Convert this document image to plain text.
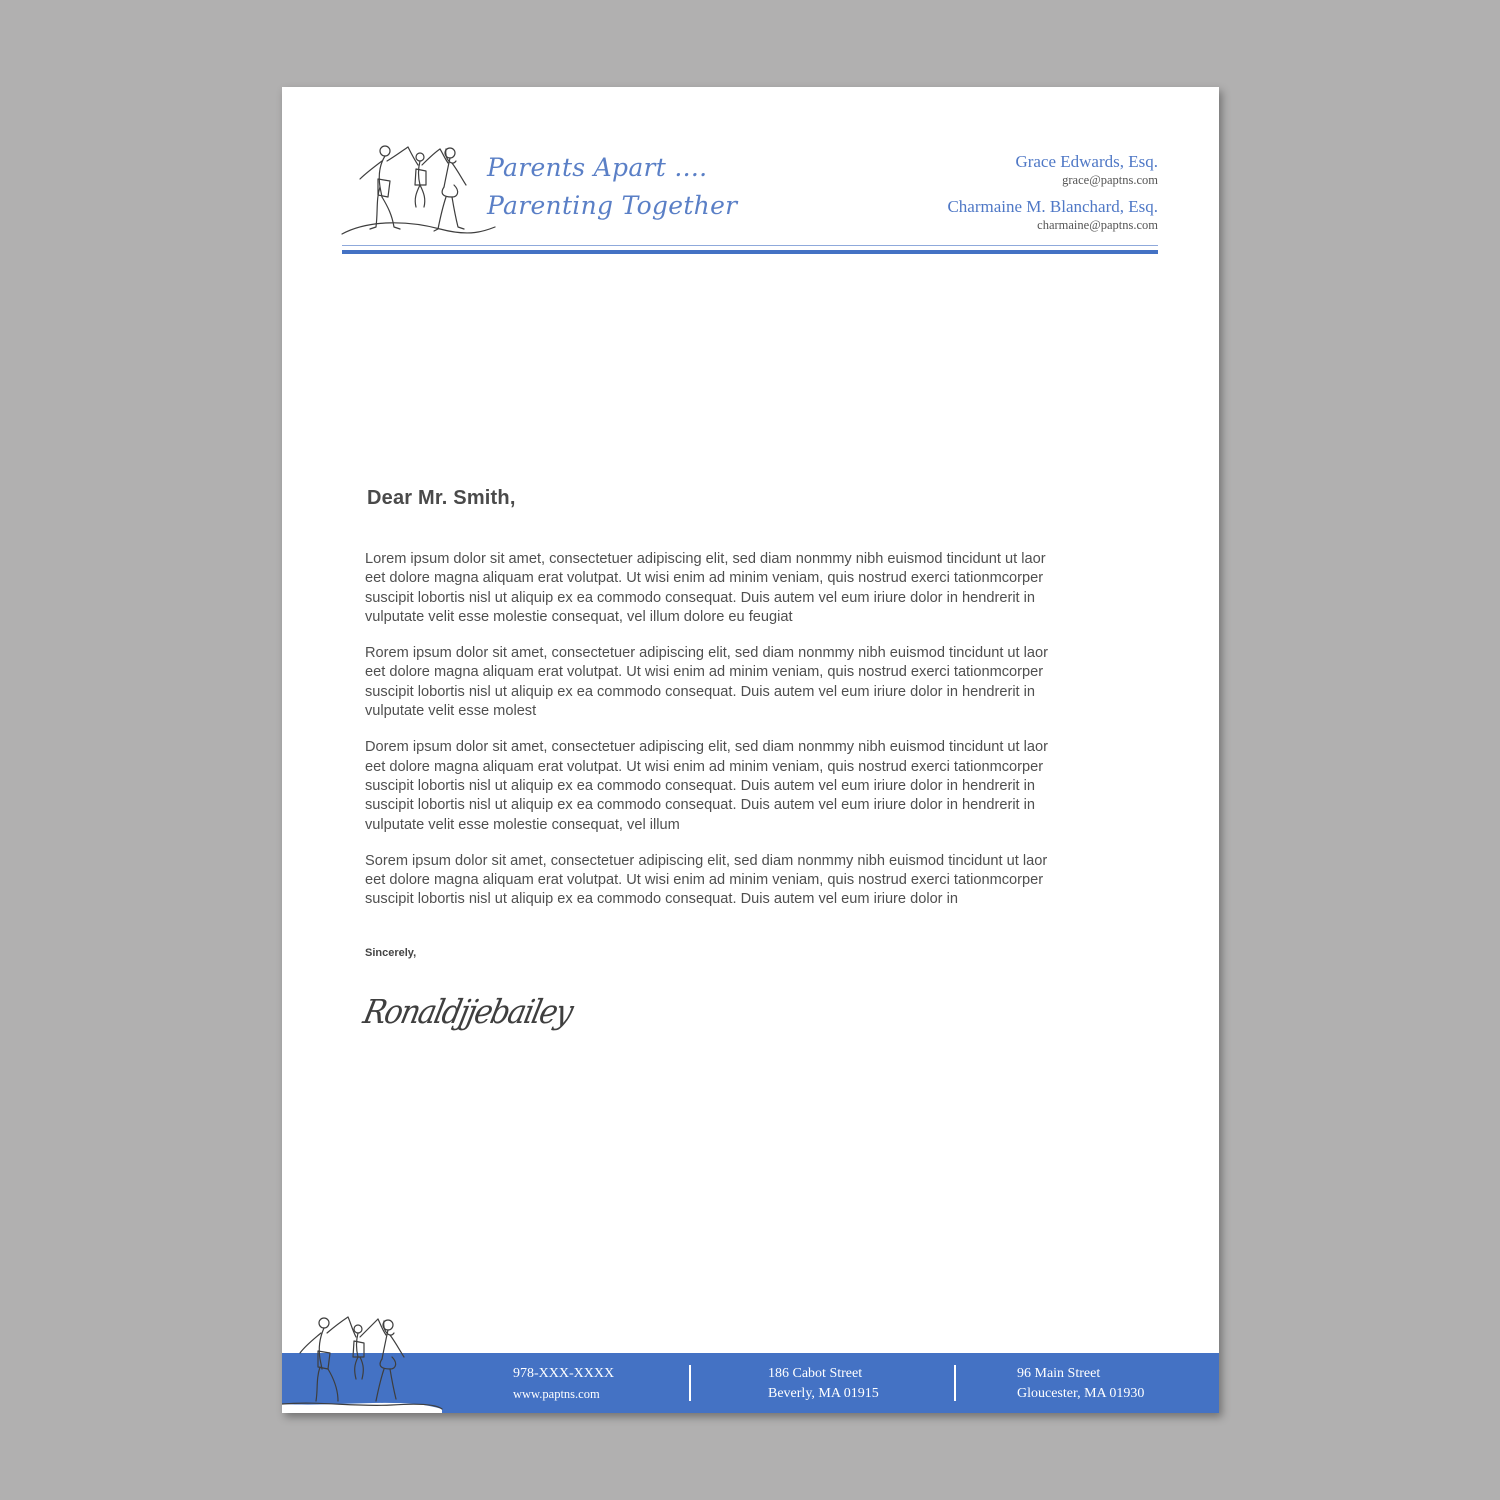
Parents Apart ....
Parenting Together
Grace Edwards, Esq.
grace@paptns.com
Charmaine M. Blanchard, Esq.
charmaine@paptns.com
Dear Mr. Smith,

Lorem ipsum dolor sit amet, consectetuer adipiscing elit, sed diam nonmmy nibh euismod tincidunt ut laor
eet dolore magna aliquam erat volutpat. Ut wisi enim ad minim veniam, quis nostrud exerci tationmcorper
suscipit lobortis nisl ut aliquip ex ea commodo consequat. Duis autem vel eum iriure dolor in hendrerit in
vulputate velit esse molestie consequat, vel illum dolore eu feugiat

Rorem ipsum dolor sit amet, consectetuer adipiscing elit, sed diam nonmmy nibh euismod tincidunt ut laor
eet dolore magna aliquam erat volutpat. Ut wisi enim ad minim veniam, quis nostrud exerci tationmcorper
suscipit lobortis nisl ut aliquip ex ea commodo consequat. Duis autem vel eum iriure dolor in hendrerit in
vulputate velit esse molest

Dorem ipsum dolor sit amet, consectetuer adipiscing elit, sed diam nonmmy nibh euismod tincidunt ut laor
eet dolore magna aliquam erat volutpat. Ut wisi enim ad minim veniam, quis nostrud exerci tationmcorper
suscipit lobortis nisl ut aliquip ex ea commodo consequat. Duis autem vel eum iriure dolor in hendrerit in
suscipit lobortis nisl ut aliquip ex ea commodo consequat. Duis autem vel eum iriure dolor in hendrerit in
vulputate velit esse molestie consequat, vel illum

Sorem ipsum dolor sit amet, consectetuer adipiscing elit, sed diam nonmmy nibh euismod tincidunt ut laor
eet dolore magna aliquam erat volutpat. Ut wisi enim ad minim veniam, quis nostrud exerci tationmcorper
suscipit lobortis nisl ut aliquip ex ea commodo consequat. Duis autem vel eum iriure dolor in

Sincerely,
Ronaldjjebailey
978-XXX-XXXX
www.paptns.com
186 Cabot Street
Beverly, MA 01915
96 Main Street
Gloucester, MA 01930
